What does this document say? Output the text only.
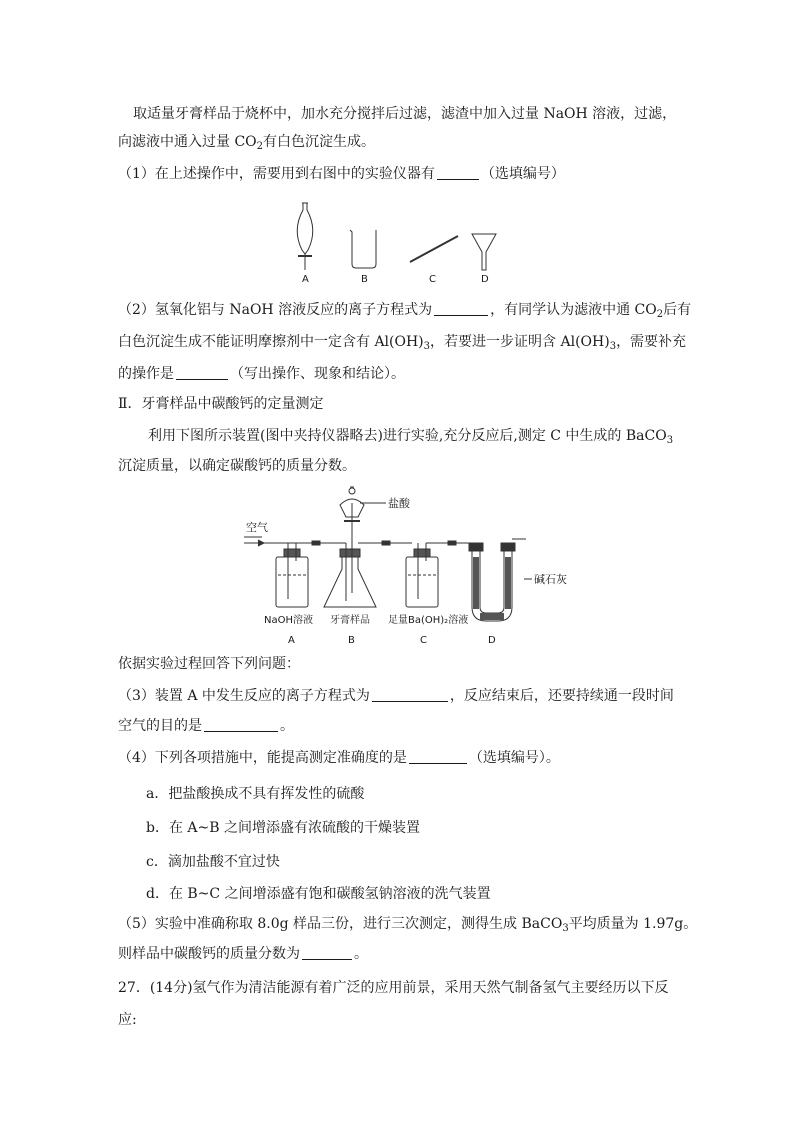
取适量牙膏样品于烧杯中，加水充分搅拌后过滤，滤渣中加入过量 NaOH 溶液，过滤，
向滤液中通入过量 $CO_2$有白色沉淀生成。
（1）在上述操作中，需要用到右图中的实验仪器有	（选填编号）
A	B	C	D
（2）氢氧化铝与 NaOH 溶液反应的离子方程式为	，有同学认为滤液中通 $CO_2$后有
白色沉淀生成不能证明摩擦剂中一定含有 $Al(OH)_3$，若要进一步证明含 $Al(OH)_3$，需要补充
的操作是	（写出操作、现象和结论）。
Ⅱ．牙膏样品中碳酸钙的定量测定
利用下图所示装置(图中夹持仪器略去)进行实验,充分反应后,测定 C 中生成的 BaCO$_3$
沉淀质量，以确定碳酸钙的质量分数。
空气
盐酸
碱石灰
NaOH溶液 牙膏样品 足量Ba(OH)₂溶液
A	B	C	D
依据实验过程回答下列问题：
（3）装置 A 中发生反应的离子方程式为	，反应结束后，还要持续通一段时间
空气的目的是	。
（4）下列各项措施中，能提高测定准确度的是	（选填编号）。
a．把盐酸换成不具有挥发性的硫酸
b．在 A~B 之间增添盛有浓硫酸的干燥装置
c．滴加盐酸不宜过快
d．在 B~C 之间增添盛有饱和碳酸氢钠溶液的洗气装置
（5）实验中准确称取 8.0g 样品三份，进行三次测定，测得生成 BaCO$_3$平均质量为 1.97g。
则样品中碳酸钙的质量分数为	。
27．(14分)氢气作为清洁能源有着广泛的应用前景，采用天然气制备氢气主要经历以下反
应:
